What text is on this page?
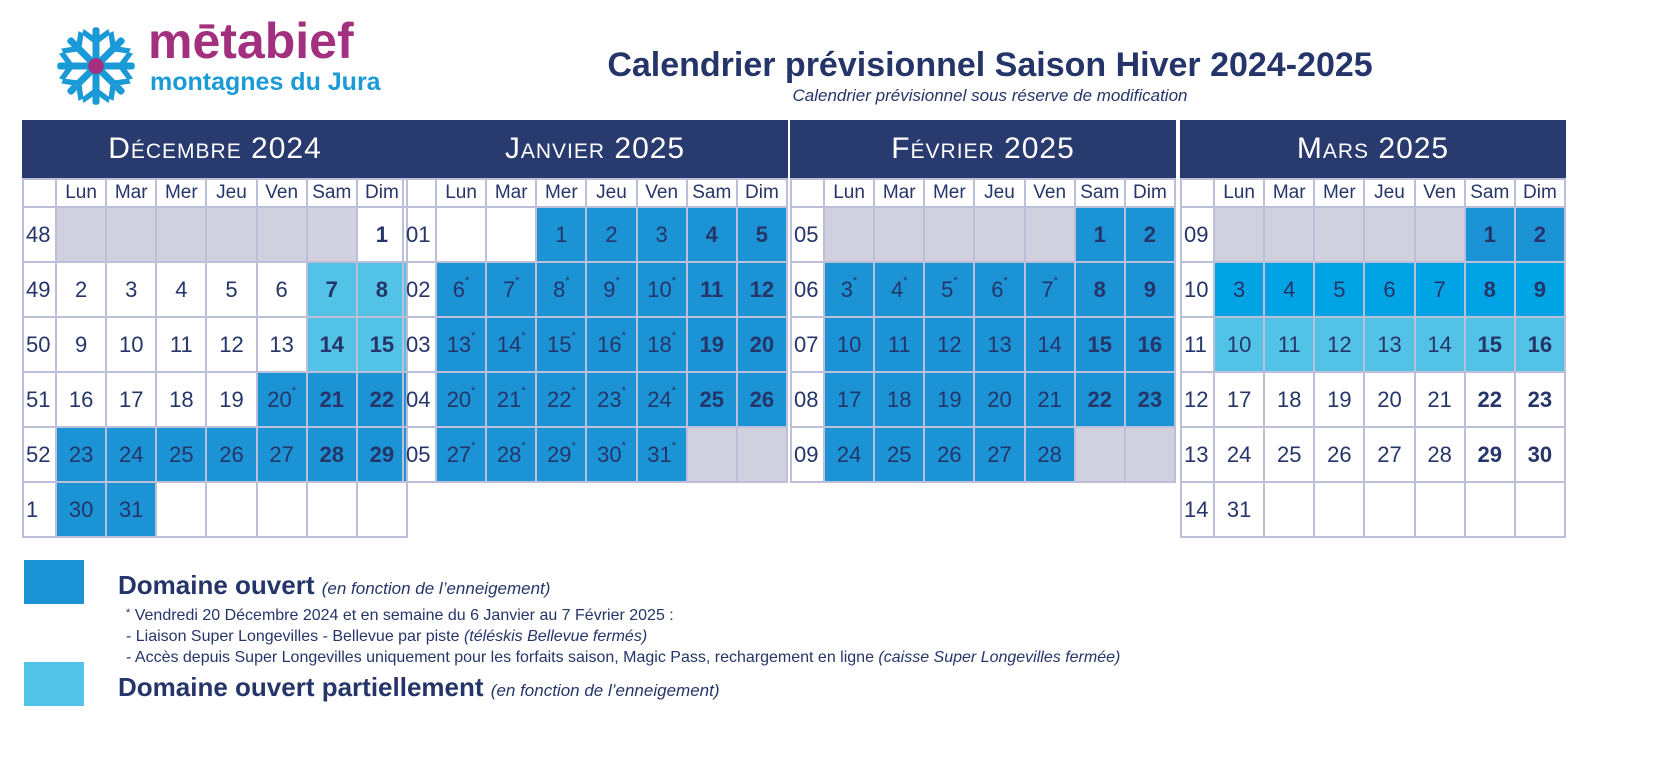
mētabief
montagnes du Jura	Calendrier prévisionnel Saison Hiver 2024-2025
Calendrier prévisionnel sous réserve de modification
Décembre 2024
	Lun	Mar	Mer	Jeu	Ven	Sam	Dim
48							1
49	2	3	4	5	6	7	8
50	9	10	11	12	13	14	15
51	16	17	18	19	20*	21	22
52	23	24	25	26	27	28	29
1	30	31					
Janvier 2025
	Lun	Mar	Mer	Jeu	Ven	Sam	Dim
01			1	2	3	4	5
02	6*	7*	8*	9*	10*	11	12
03	13*	14*	15*	16*	18*	19	20
04	20*	21*	22*	23*	24*	25	26
05	27*	28*	29*	30*	31*		
Février 2025
	Lun	Mar	Mer	Jeu	Ven	Sam	Dim
05						1	2
06	3*	4*	5*	6*	7*	8	9
07	10	11	12	13	14	15	16
08	17	18	19	20	21	22	23
09	24	25	26	27	28		
Mars 2025
	Lun	Mar	Mer	Jeu	Ven	Sam	Dim
09						1	2
10	3	4	5	6	7	8	9
11	10	11	12	13	14	15	16
12	17	18	19	20	21	22	23
13	24	25	26	27	28	29	30
14	31						
Domaine ouvert (en fonction de l’enneigement)
* Vendredi 20 Décembre 2024 et en semaine du 6 Janvier au 7 Février 2025 :
- Liaison Super Longevilles - Bellevue par piste (téléskis Bellevue fermés)
- Accès depuis Super Longevilles uniquement pour les forfaits saison, Magic Pass, rechargement en ligne (caisse Super Longevilles fermée)
Domaine ouvert partiellement (en fonction de l’enneigement)
